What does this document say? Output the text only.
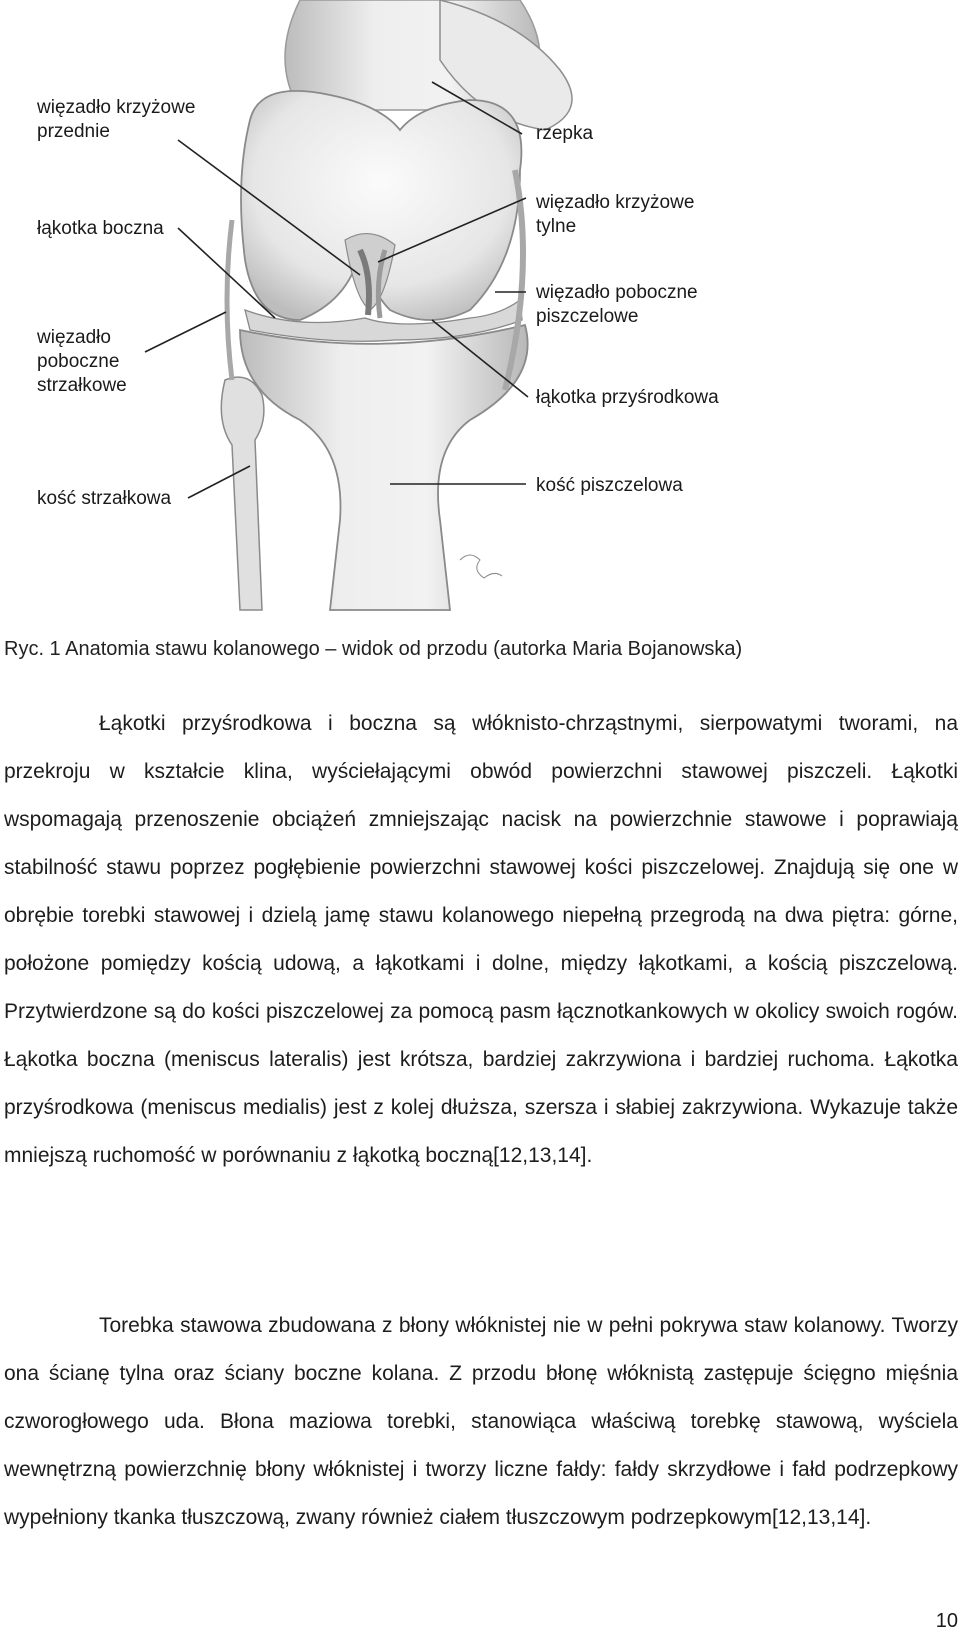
więzadło krzyżowe
przednie	rzepka
więzadło krzyżowe
tylne
łąkotka boczna
więzadło poboczne
piszczelowe
więzadło
poboczne
strzałkowe
łąkotka przyśrodkowa
kość strzałkowa
kość piszczelowa
Ryc. 1 Anatomia stawu kolanowego – widok od przodu (autorka Maria Bojanowska)
Łąkotki przyśrodkowa i boczna są włóknisto-chrząstnymi, sierpowatymi tworami, na przekroju w kształcie klina, wyściełającymi obwód powierzchni stawowej piszczeli. Łąkotki wspomagają przenoszenie obciążeń zmniejszając nacisk na powierzchnie stawowe i poprawiają stabilność stawu poprzez pogłębienie powierzchni stawowej kości piszczelowej. Znajdują się one w obrębie torebki stawowej i dzielą jamę stawu kolanowego niepełną przegrodą na dwa piętra: górne, położone pomiędzy kością udową, a łąkotkami i dolne, między łąkotkami, a kością piszczelową. Przytwierdzone są do kości piszczelowej za pomocą pasm łącznotkankowych w okolicy swoich rogów. Łąkotka boczna (meniscus lateralis) jest krótsza, bardziej zakrzywiona i bardziej ruchoma. Łąkotka przyśrodkowa (meniscus medialis) jest z kolej dłuższa, szersza i słabiej zakrzywiona. Wykazuje także mniejszą ruchomość w porównaniu z łąkotką boczną[12,13,14].
Torebka stawowa zbudowana z błony włóknistej nie w pełni pokrywa staw kolanowy. Tworzy ona ścianę tylna oraz ściany boczne kolana. Z przodu błonę włóknistą zastępuje ścięgno mięśnia czworogłowego uda. Błona maziowa torebki, stanowiąca właściwą torebkę stawową, wyściela wewnętrzną powierzchnię błony włóknistej i tworzy liczne fałdy: fałdy skrzydłowe i fałd podrzepkowy wypełniony tkanka tłuszczową, zwany również ciałem tłuszczowym podrzepkowym[12,13,14].
10
